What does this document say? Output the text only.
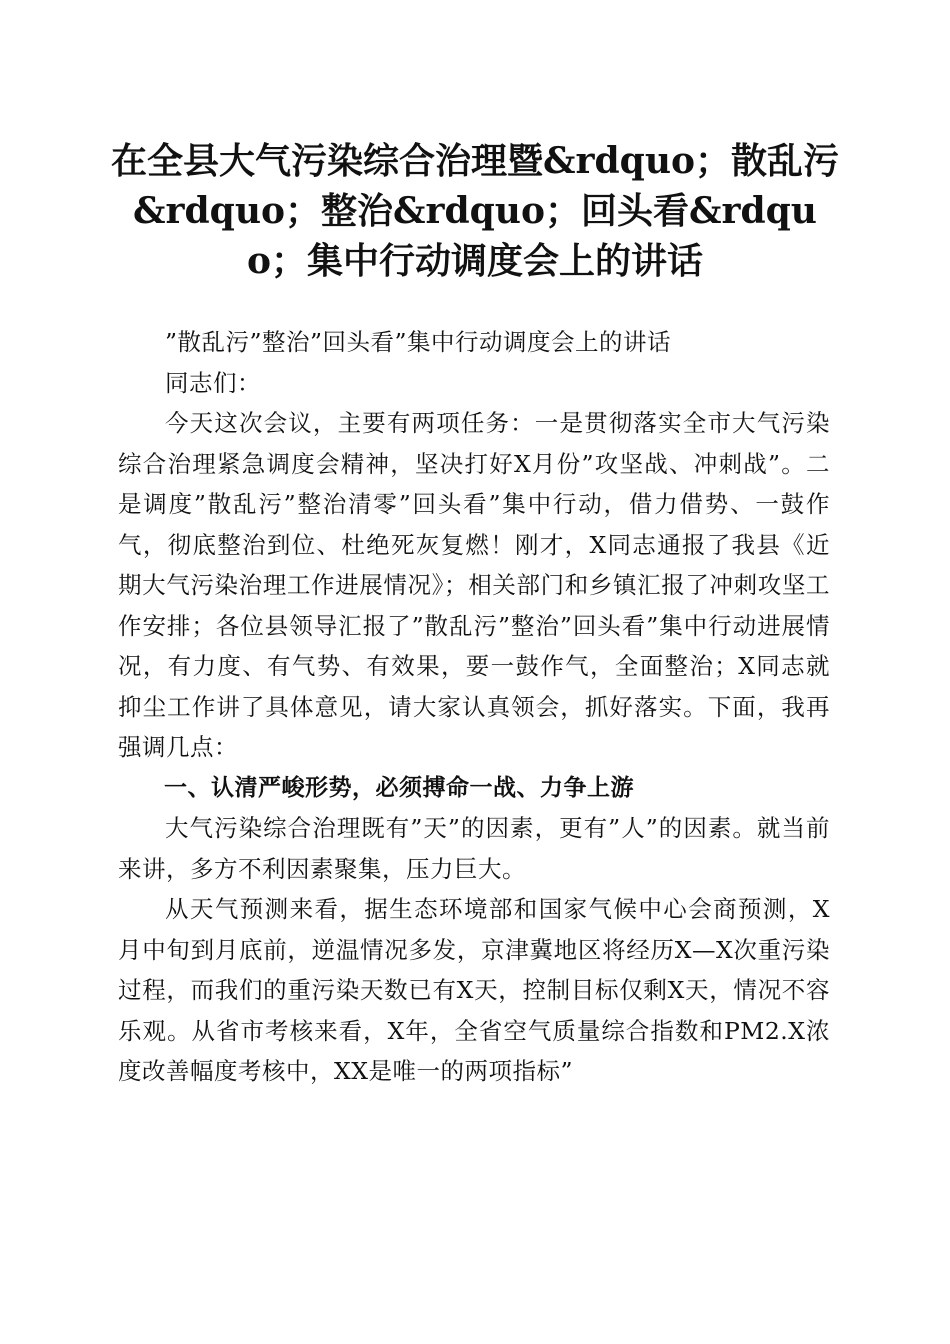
在全县大气污染综合治理暨&rdquo；散乱污&rdquo；整治&rdquo；回头看&rdquo；集中行动调度会上的讲话

”散乱污”整治”回头看”集中行动调度会上的讲话

同志们：

今天这次会议，主要有两项任务：一是贯彻落实全市大气污染综合治理紧急调度会精神，坚决打好X月份”攻坚战、冲刺战”。二是调度”散乱污”整治清零”回头看”集中行动，借力借势、一鼓作气，彻底整治到位、杜绝死灰复燃！刚才，X同志通报了我县《近期大气污染治理工作进展情况》；相关部门和乡镇汇报了冲刺攻坚工作安排；各位县领导汇报了”散乱污”整治”回头看”集中行动进展情况，有力度、有气势、有效果，要一鼓作气，全面整治；X同志就抑尘工作讲了具体意见，请大家认真领会，抓好落实。下面，我再强调几点：

一、认清严峻形势，必须搏命一战、力争上游

大气污染综合治理既有”天”的因素，更有”人”的因素。就当前来讲，多方不利因素聚集，压力巨大。

从天气预测来看，据生态环境部和国家气候中心会商预测，X月中旬到月底前，逆温情况多发，京津冀地区将经历X—X次重污染过程，而我们的重污染天数已有X天，控制目标仅剩X天，情况不容乐观。从省市考核来看，X年，全省空气质量综合指数和PM2.X浓度改善幅度考核中，XX是唯一的两项指标”
